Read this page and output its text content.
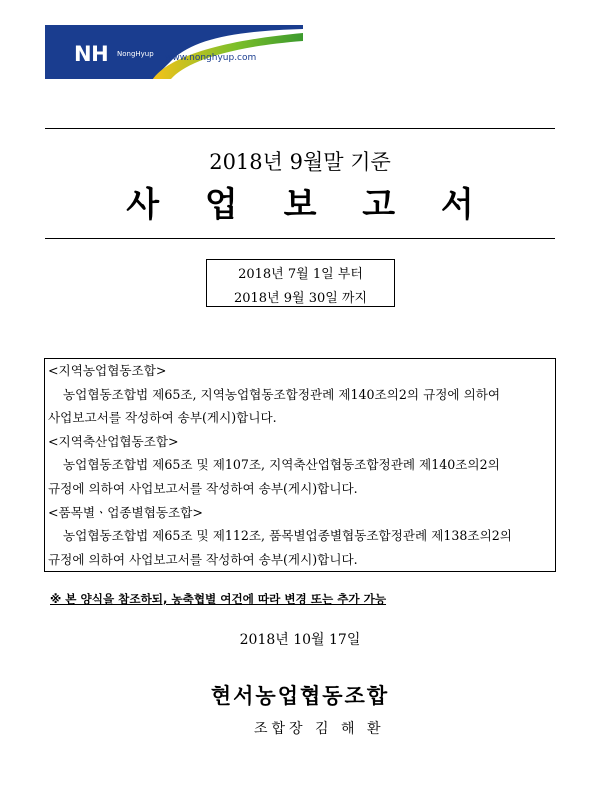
NH NongHyup www.nonghyup.com
2018년 9월말 기준
사 업 보 고 서
2018년 7월 1일 부터
2018년 9월 30일 까지

<지역농업협동조합>

농업협동조합법 제65조, 지역농업협동조합정관례 제140조의2의 규정에 의하여

사업보고서를 작성하여 송부(게시)합니다.

<지역축산업협동조합>

농업협동조합법 제65조 및 제107조, 지역축산업협동조합정관례 제140조의2의

규정에 의하여 사업보고서를 작성하여 송부(게시)합니다.

<품목별ㆍ업종별협동조합>

농업협동조합법 제65조 및 제112조, 품목별업종별협동조합정관례 제138조의2의

규정에 의하여 사업보고서를 작성하여 송부(게시)합니다.

※ 본 양식을 참조하되, 농축협별 여건에 따라 변경 또는 추가 가능
2018년 10월 17일
현서농업협동조합
조합장 김 해 환
